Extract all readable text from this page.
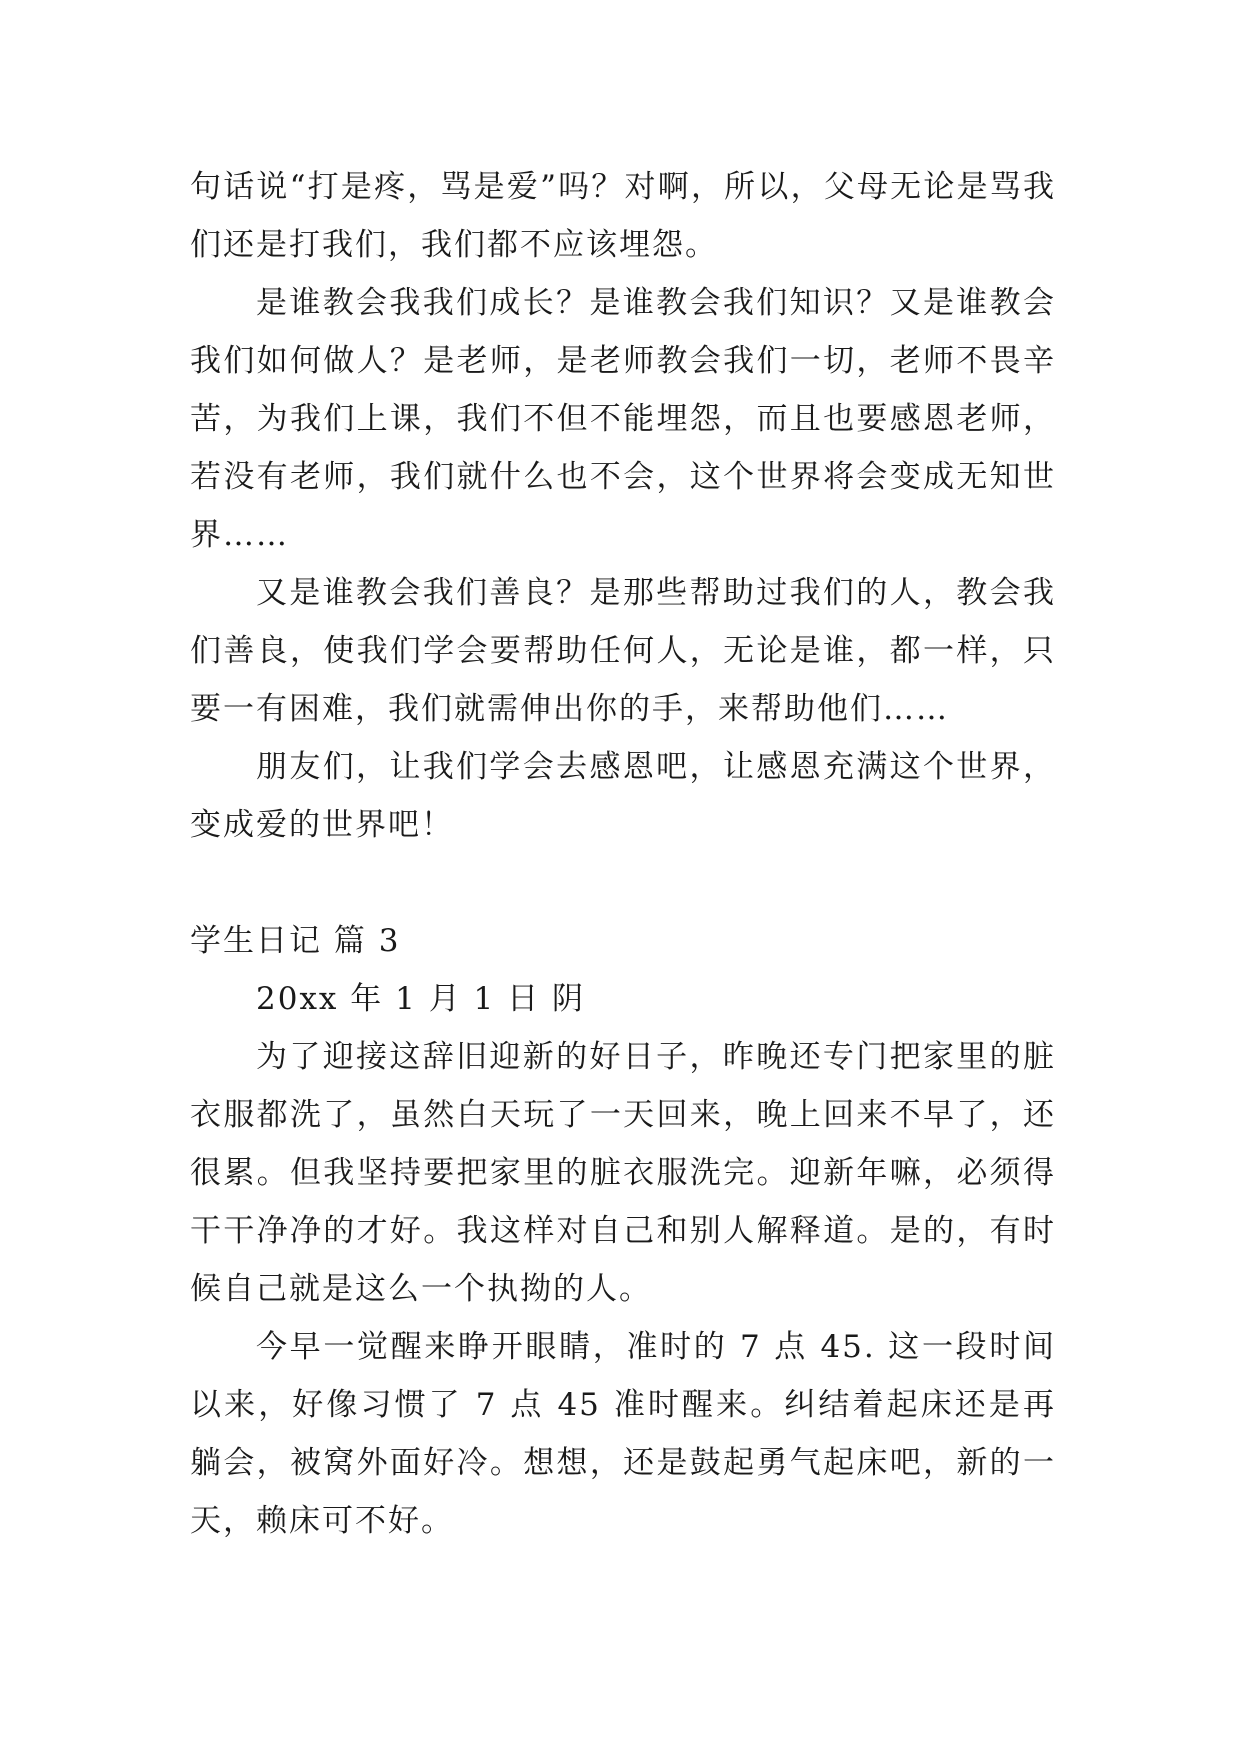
句话说“打是疼，骂是爱”吗？对啊，所以，父母无论是骂我们还是打我们，我们都不应该埋怨。

是谁教会我我们成长？是谁教会我们知识？又是谁教会我们如何做人？是老师，是老师教会我们一切，老师不畏辛苦，为我们上课，我们不但不能埋怨，而且也要感恩老师，若没有老师，我们就什么也不会，这个世界将会变成无知世界……

又是谁教会我们善良？是那些帮助过我们的人，教会我们善良，使我们学会要帮助任何人，无论是谁，都一样，只要一有困难，我们就需伸出你的手，来帮助他们……

朋友们，让我们学会去感恩吧，让感恩充满这个世界，变成爱的世界吧！

学生日记 篇 3

20xx 年 1 月 1 日 阴

为了迎接这辞旧迎新的好日子，昨晚还专门把家里的脏衣服都洗了，虽然白天玩了一天回来，晚上回来不早了，还很累。但我坚持要把家里的脏衣服洗完。迎新年嘛，必须得干干净净的才好。我这样对自己和别人解释道。是的，有时候自己就是这么一个执拗的人。

今早一觉醒来睁开眼睛，准时的 7 点 45. 这一段时间以来，好像习惯了 7 点 45 准时醒来。纠结着起床还是再躺会，被窝外面好冷。想想，还是鼓起勇气起床吧，新的一天，赖床可不好。
